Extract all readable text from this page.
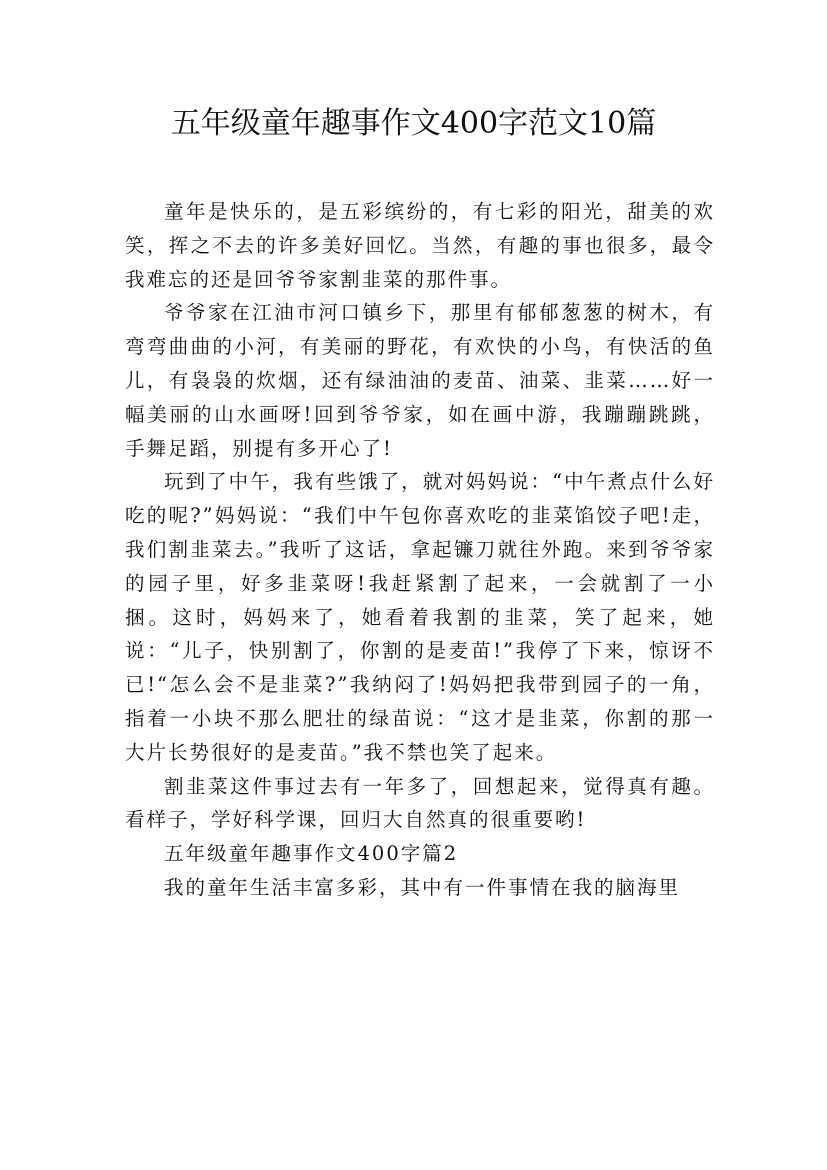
五年级童年趣事作文400字范文10篇

童年是快乐的，是五彩缤纷的，有七彩的阳光，甜美的欢笑，挥之不去的许多美好回忆。当然，有趣的事也很多，最令我难忘的还是回爷爷家割韭菜的那件事。

爷爷家在江油市河口镇乡下，那里有郁郁葱葱的树木，有弯弯曲曲的小河，有美丽的野花，有欢快的小鸟，有快活的鱼儿，有袅袅的炊烟，还有绿油油的麦苗、油菜、韭菜……好一幅美丽的山水画呀!回到爷爷家，如在画中游，我蹦蹦跳跳，手舞足蹈，别提有多开心了!

玩到了中午，我有些饿了，就对妈妈说：“中午煮点什么好吃的呢?”妈妈说：“我们中午包你喜欢吃的韭菜馅饺子吧!走，我们割韭菜去。”我听了这话，拿起镰刀就往外跑。来到爷爷家的园子里，好多韭菜呀!我赶紧割了起来，一会就割了一小捆。这时，妈妈来了，她看着我割的韭菜，笑了起来，她说：“儿子，快别割了，你割的是麦苗!”我停了下来，惊讶不已!“怎么会不是韭菜?”我纳闷了!妈妈把我带到园子的一角，指着一小块不那么肥壮的绿苗说：“这才是韭菜，你割的那一大片长势很好的是麦苗。”我不禁也笑了起来。

割韭菜这件事过去有一年多了，回想起来，觉得真有趣。看样子，学好科学课，回归大自然真的很重要哟!

五年级童年趣事作文400字篇2

我的童年生活丰富多彩，其中有一件事情在我的脑海里
